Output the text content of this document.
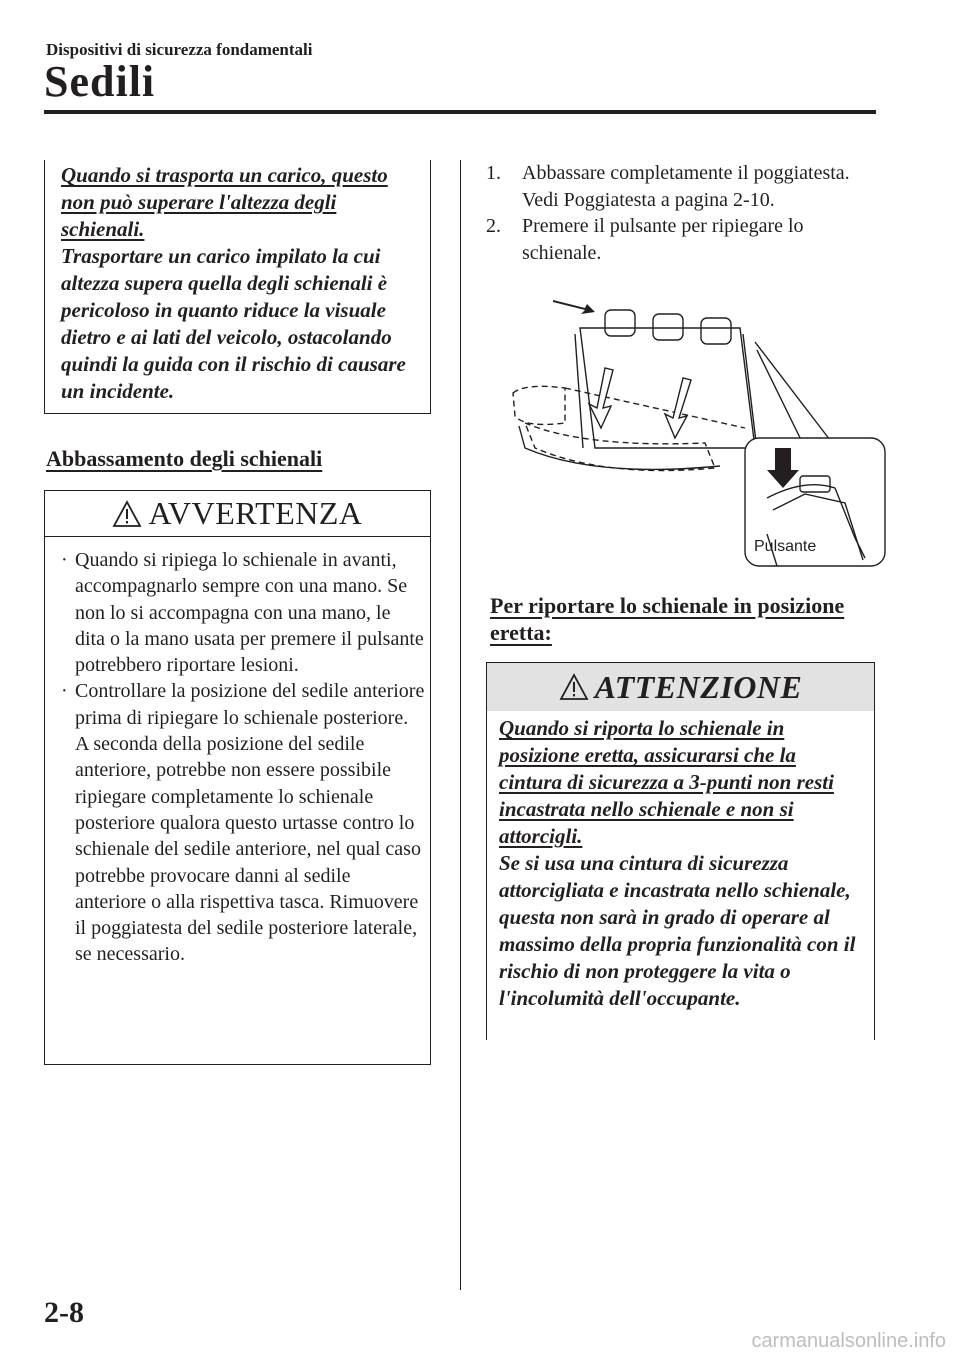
Dispositivi di sicurezza fondamentali
Sedili
Quando si trasporta un carico, questo
non può superare l'altezza degli
schienali.
Trasportare un carico impilato la cui altezza supera quella degli schienali è pericoloso in quanto riduce la visuale dietro e ai lati del veicolo, ostacolando quindi la guida con il rischio di causare un incidente.
Abbassamento degli schienali
AVVERTENZA
· Quando si ripiega lo schienale in avanti, accompagnarlo sempre con una mano. Se non lo si accompagna con una mano, le dita o la mano usata per premere il pulsante potrebbero riportare lesioni.
· Controllare la posizione del sedile anteriore prima di ripiegare lo schienale posteriore. A seconda della posizione del sedile anteriore, potrebbe non essere possibile ripiegare completamente lo schienale posteriore qualora questo urtasse contro lo schienale del sedile anteriore, nel qual caso potrebbe provocare danni al sedile anteriore o alla rispettiva tasca. Rimuovere il poggiatesta del sedile posteriore laterale, se necessario.
1. Abbassare completamente il poggiatesta.
Vedi Poggiatesta a pagina 2-10.
2. Premere il pulsante per ripiegare lo schienale.
Pulsante
Per riportare lo schienale in posizione eretta:
ATTENZIONE
Quando si riporta lo schienale in
posizione eretta, assicurarsi che la
cintura di sicurezza a 3-punti non resti
incastrata nello schienale e non si
attorcigli.
Se si usa una cintura di sicurezza attorcigliata e incastrata nello schienale, questa non sarà in grado di operare al massimo della propria funzionalità con il rischio di non proteggere la vita o l'incolumità dell'occupante.
2-8
carmanualsonline.info
